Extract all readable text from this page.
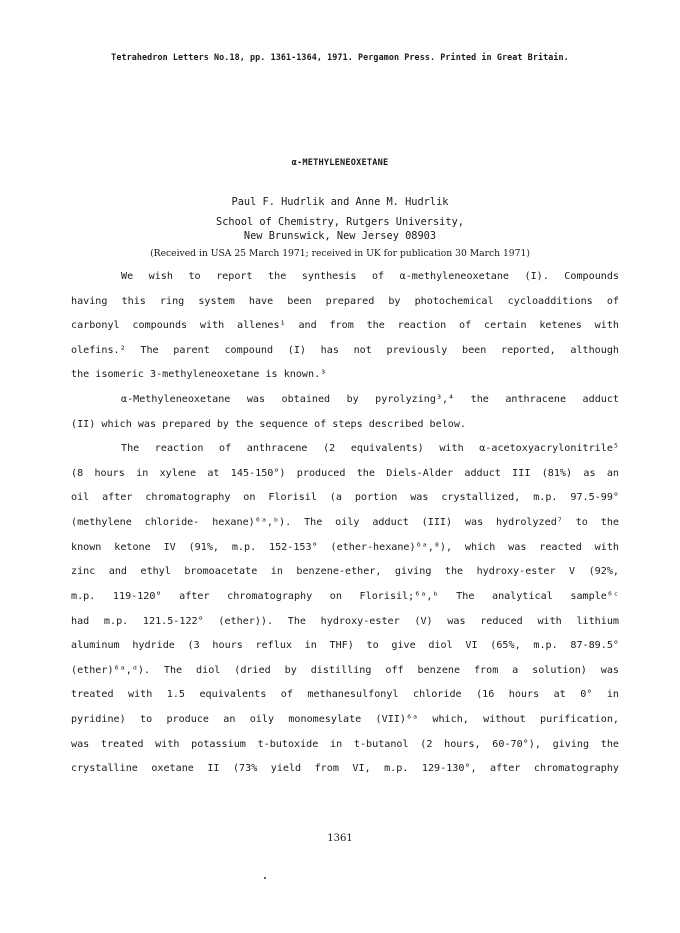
Tetrahedron Letters No.18, pp. 1361-1364, 1971. Pergamon Press. Printed in Great Britain.
α-METHYLENEOXETANE
Paul F. Hudrlik and Anne M. Hudrlik
School of Chemistry, Rutgers University,
New Brunswick, New Jersey 08903
(Received in USA 25 March 1971; received in UK for publication 30 March 1971)
We wish to report the synthesis of α-methyleneoxetane (I). Compounds
having this ring system have been prepared by photochemical cycloadditions of
carbonyl compounds with allenes¹ and from the reaction of certain ketenes with
olefins.² The parent compound (I) has not previously been reported, although
the isomeric 3-methyleneoxetane is known.³
α-Methyleneoxetane was obtained by pyrolyzing³,⁴ the anthracene adduct
(II) which was prepared by the sequence of steps described below.
The reaction of anthracene (2 equivalents) with α-acetoxyacrylonitrile⁵
(8 hours in xylene at 145-150°) produced the Diels-Alder adduct III (81%) as an
oil after chromatography on Florisil (a portion was crystallized, m.p. 97.5-99°
(methylene chloride- hexane)⁶ᵃ,ᵇ). The oily adduct (III) was hydrolyzed⁷ to the
known ketone IV (91%, m.p. 152-153° (ether-hexane)⁶ᵃ,⁸), which was reacted with
zinc and ethyl bromoacetate in benzene-ether, giving the hydroxy-ester V (92%,
m.p. 119-120° after chromatography on Florisil;⁶ᵃ,ᵇ The analytical sample⁶ᶜ
had m.p. 121.5-122° (ether)). The hydroxy-ester (V) was reduced with lithium
aluminum hydride (3 hours reflux in THF) to give diol VI (65%, m.p. 87-89.5°
(ether)⁶ᵃ,ᵈ). The diol (dried by distilling off benzene from a solution) was
treated with 1.5 equivalents of methanesulfonyl chloride (16 hours at 0° in
pyridine) to produce an oily monomesylate (VII)⁶ᵃ which, without purification,
was treated with potassium t-butoxide in t-butanol (2 hours, 60-70°), giving the
crystalline oxetane II (73% yield from VI, m.p. 129-130°, after chromatography
1361
